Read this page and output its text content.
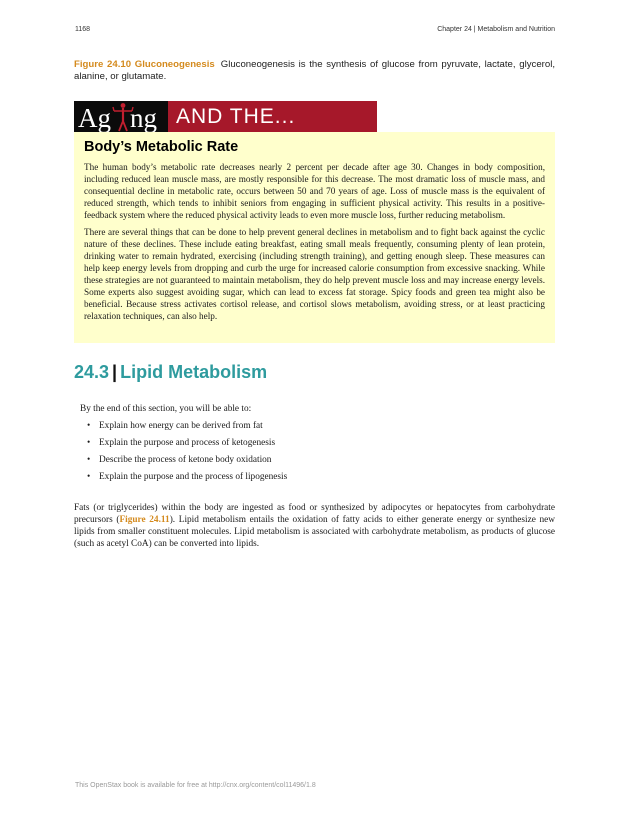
1168	Chapter 24 | Metabolism and Nutrition
Figure 24.10 Gluconeogenesis Gluconeogenesis is the synthesis of glucose from pyruvate, lactate, glycerol, alanine, or glutamate.
Ag ng AND THE...
Body’s Metabolic Rate

The human body’s metabolic rate decreases nearly 2 percent per decade after age 30. Changes in body composition, including reduced lean muscle mass, are mostly responsible for this decrease. The most dramatic loss of muscle mass, and consequential decline in metabolic rate, occurs between 50 and 70 years of age. Loss of muscle mass is the equivalent of reduced strength, which tends to inhibit seniors from engaging in sufficient physical activity. This results in a positive-feedback system where the reduced physical activity leads to even more muscle loss, further reducing metabolism.

There are several things that can be done to help prevent general declines in metabolism and to fight back against the cyclic nature of these declines. These include eating breakfast, eating small meals frequently, consuming plenty of lean protein, drinking water to remain hydrated, exercising (including strength training), and getting enough sleep. These measures can help keep energy levels from dropping and curb the urge for increased calorie consumption from excessive snacking. While these strategies are not guaranteed to maintain metabolism, they do help prevent muscle loss and may increase energy levels. Some experts also suggest avoiding sugar, which can lead to excess fat storage. Spicy foods and green tea might also be beneficial. Because stress activates cortisol release, and cortisol slows metabolism, avoiding stress, or at least practicing relaxation techniques, can also help.

24.3 | Lipid Metabolism
By the end of this section, you will be able to:
• Explain how energy can be derived from fat
• Explain the purpose and process of ketogenesis
• Describe the process of ketone body oxidation
• Explain the purpose and the process of lipogenesis

Fats (or triglycerides) within the body are ingested as food or synthesized by adipocytes or hepatocytes from carbohydrate precursors (Figure 24.11). Lipid metabolism entails the oxidation of fatty acids to either generate energy or synthesize new lipids from smaller constituent molecules. Lipid metabolism is associated with carbohydrate metabolism, as products of glucose (such as acetyl CoA) can be converted into lipids.

This OpenStax book is available for free at http://cnx.org/content/col11496/1.8
